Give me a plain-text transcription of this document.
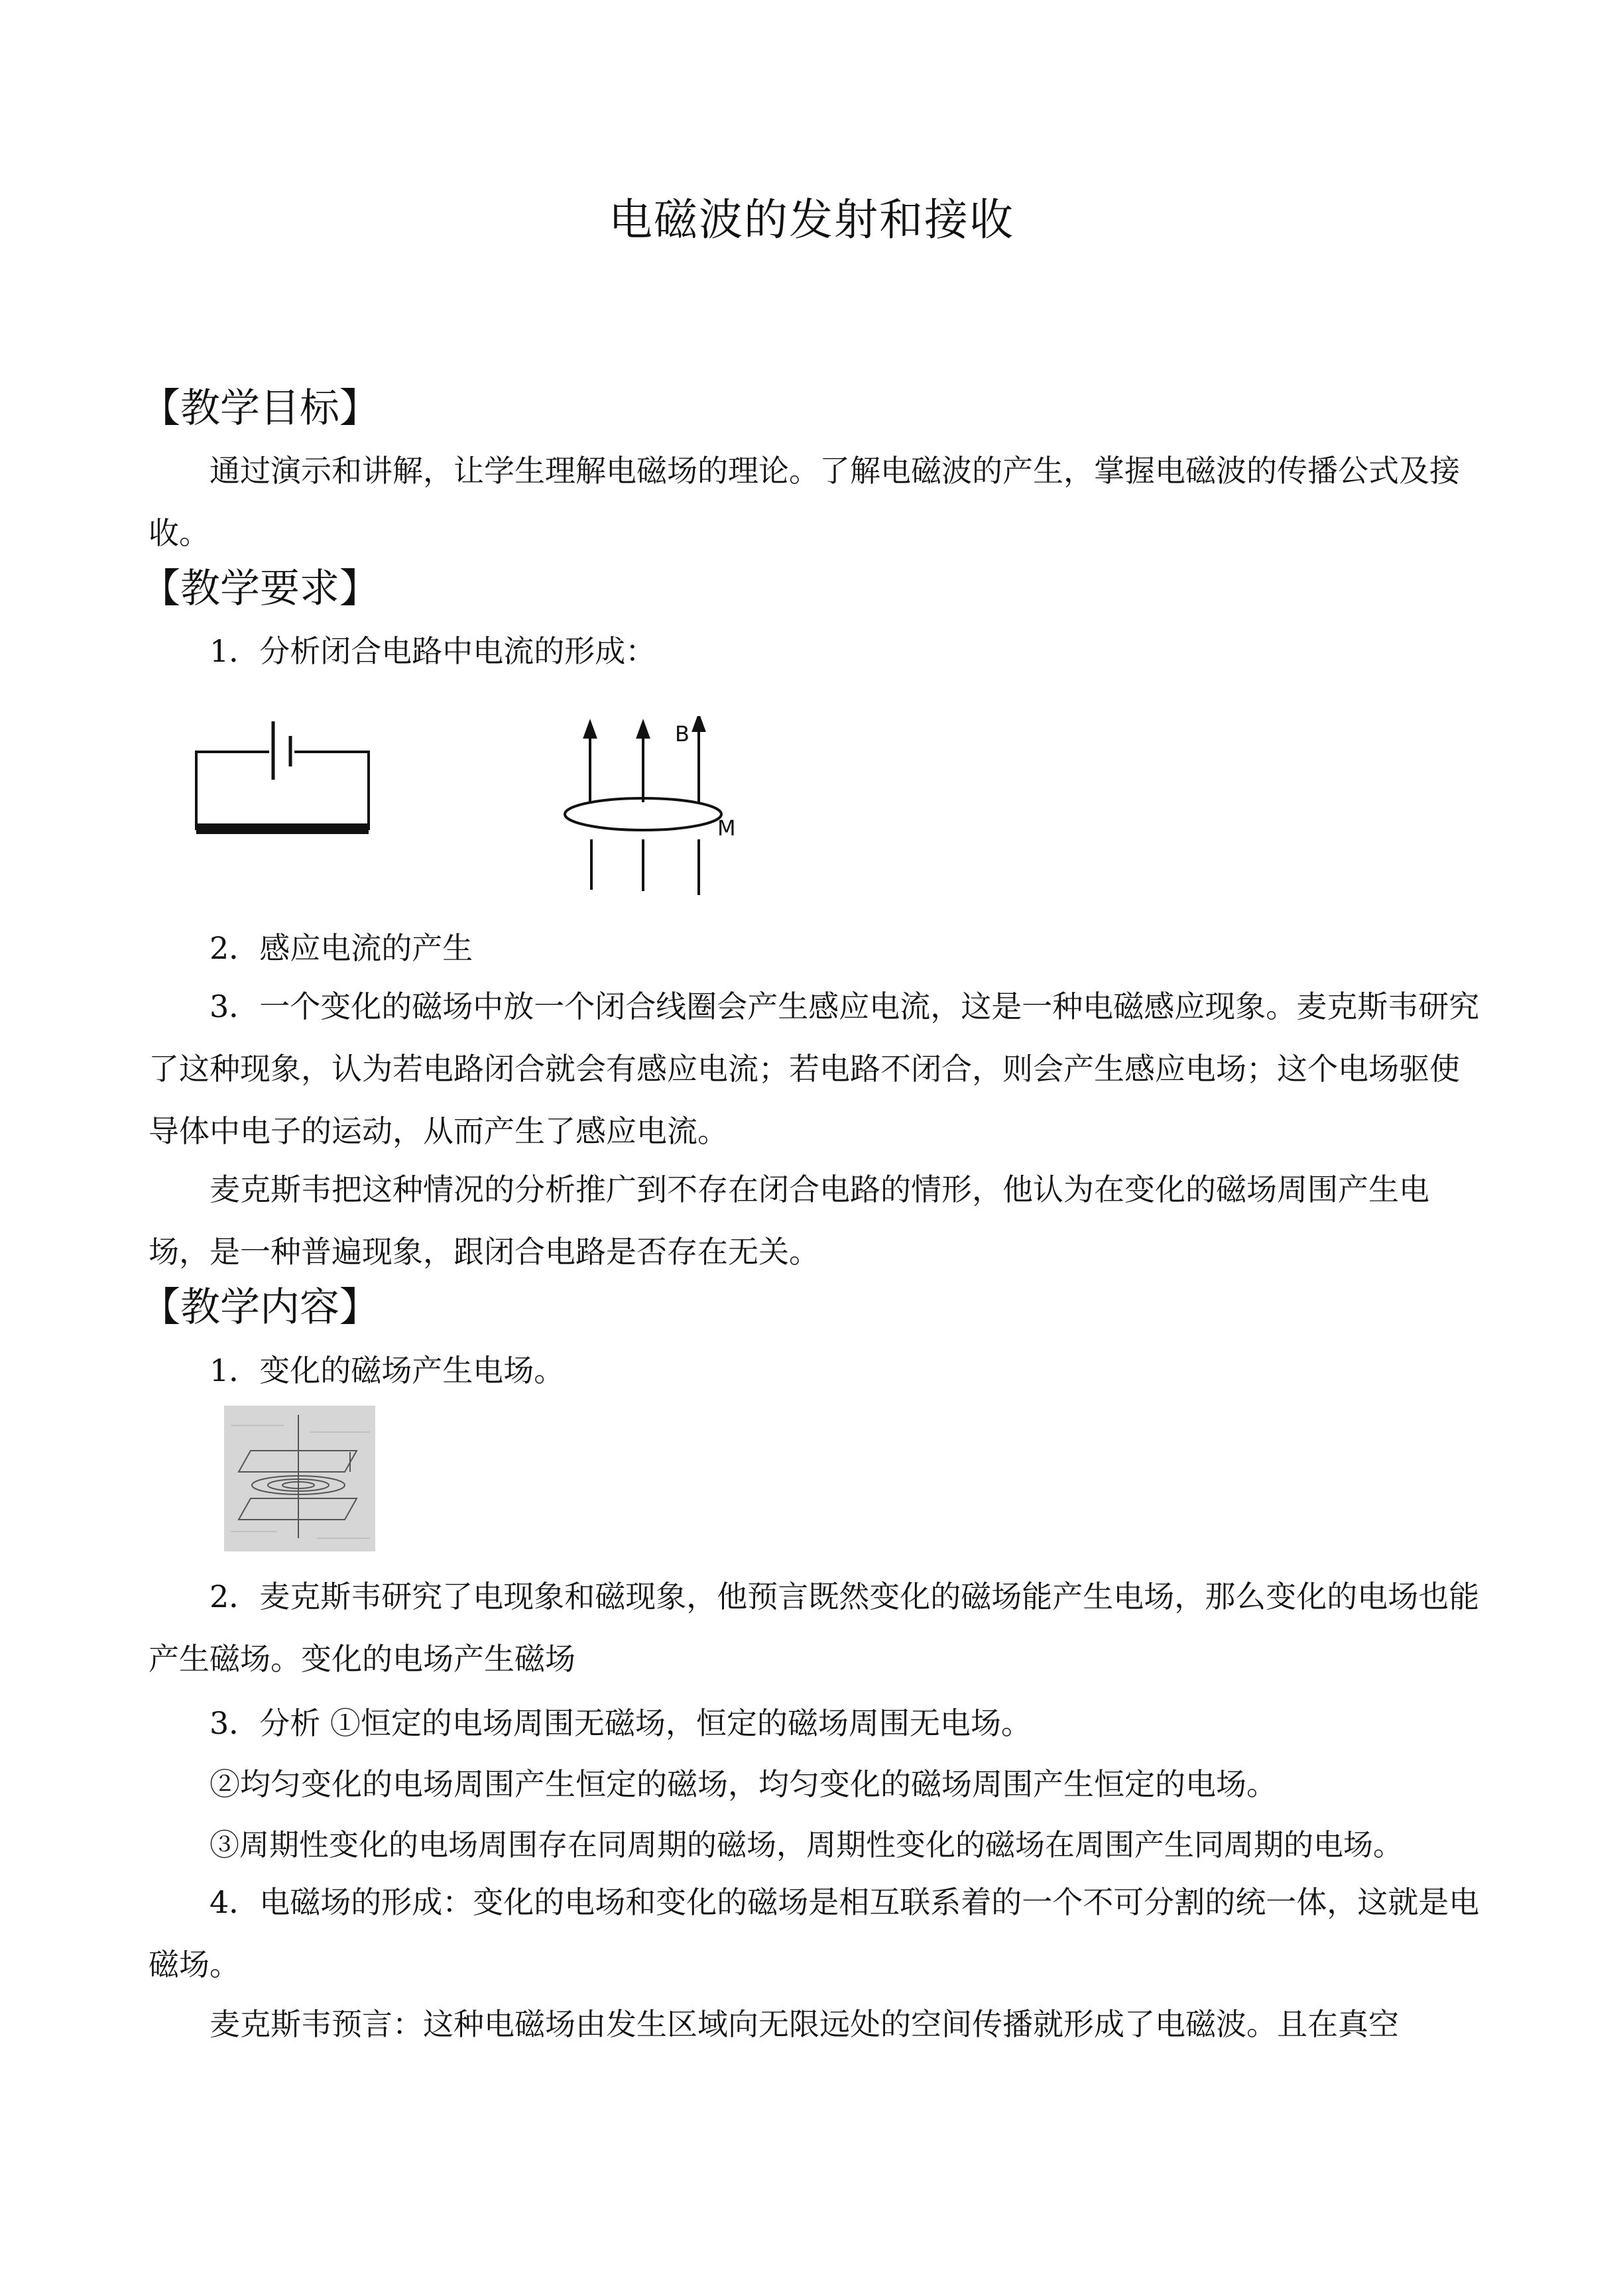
电磁波的发射和接收
【教学目标】
通过演示和讲解，让学生理解电磁场的理论。了解电磁波的产生，掌握电磁波的传播公式及接收。
【教学要求】
1．分析闭合电路中电流的形成：
B
M
2．感应电流的产生
3．一个变化的磁场中放一个闭合线圈会产生感应电流，这是一种电磁感应现象。麦克斯韦研究了这种现象，认为若电路闭合就会有感应电流；若电路不闭合，则会产生感应电场；这个电场驱使导体中电子的运动，从而产生了感应电流。
麦克斯韦把这种情况的分析推广到不存在闭合电路的情形，他认为在变化的磁场周围产生电场，是一种普遍现象，跟闭合电路是否存在无关。
【教学内容】
1．变化的磁场产生电场。
2．麦克斯韦研究了电现象和磁现象，他预言既然变化的磁场能产生电场，那么变化的电场也能产生磁场。变化的电场产生磁场
3．分析 ①恒定的电场周围无磁场，恒定的磁场周围无电场。
②均匀变化的电场周围产生恒定的磁场，均匀变化的磁场周围产生恒定的电场。
③周期性变化的电场周围存在同周期的磁场，周期性变化的磁场在周围产生同周期的电场。
4．电磁场的形成：变化的电场和变化的磁场是相互联系着的一个不可分割的统一体，这就是电磁场。
麦克斯韦预言：这种电磁场由发生区域向无限远处的空间传播就形成了电磁波。且在真空
